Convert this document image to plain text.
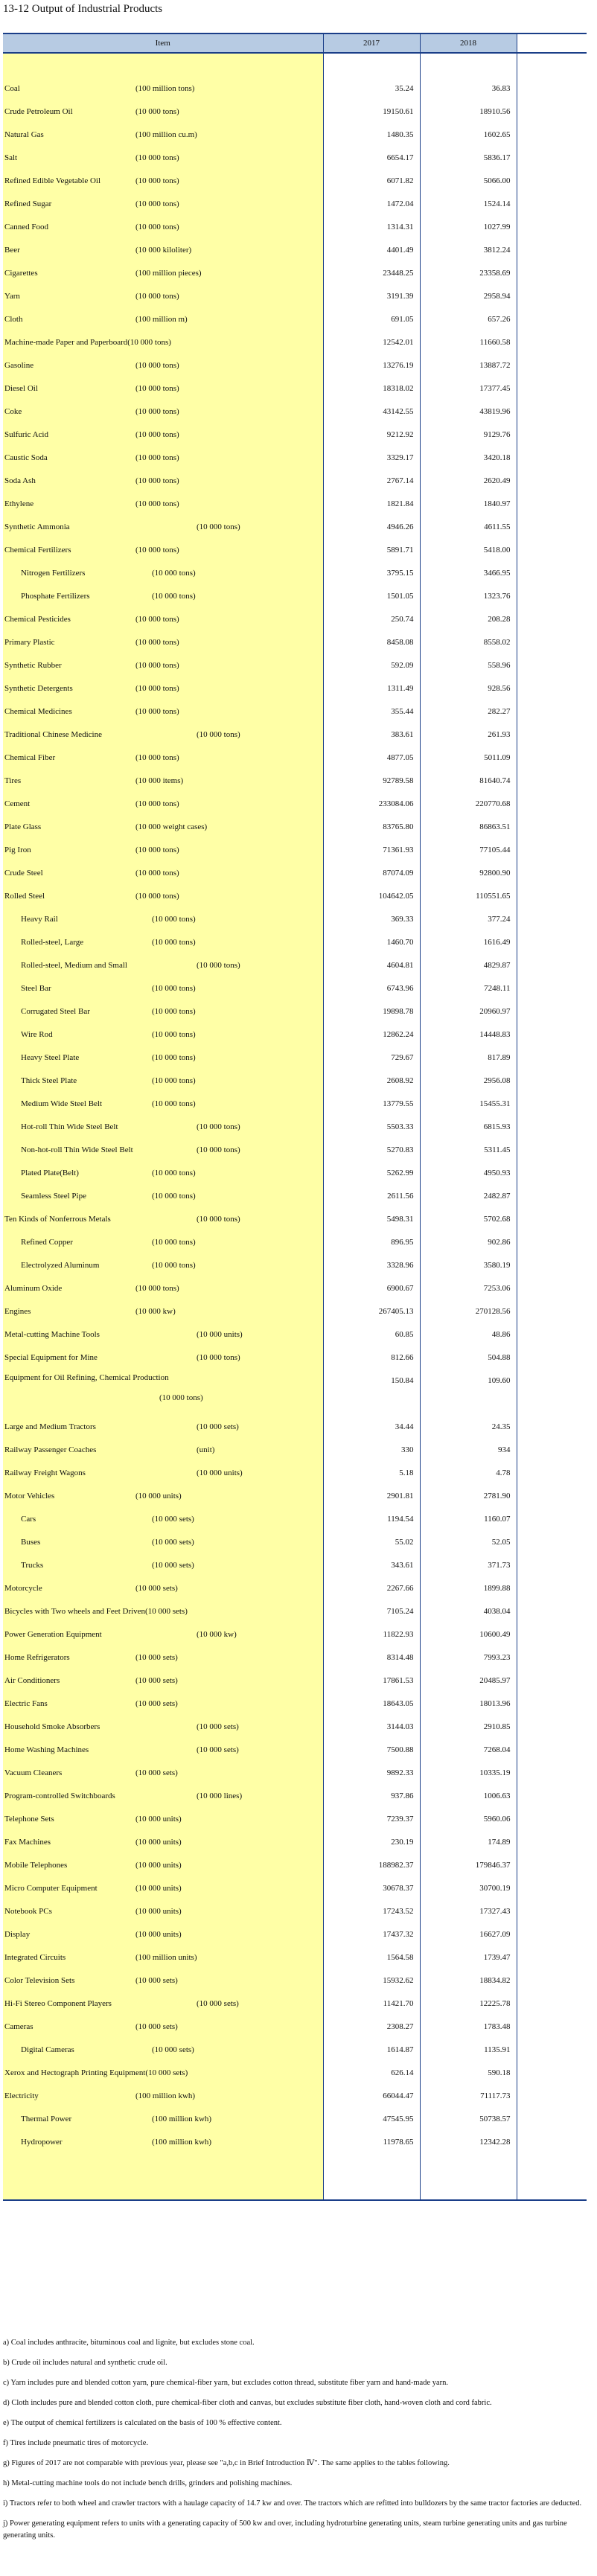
13-12 Output of Industrial Products
Item	2017	2018	

Coal (100 million tons)	35.24	36.83	

Crude Petroleum Oil (10 000 tons)	19150.61	18910.56	

Natural Gas (100 million cu.m)	1480.35	1602.65	

Salt (10 000 tons)	6654.17	5836.17	

Refined Edible Vegetable Oil (10 000 tons)	6071.82	5066.00	

Refined Sugar (10 000 tons)	1472.04	1524.14	

Canned Food (10 000 tons)	1314.31	1027.99	

Beer (10 000 kiloliter)	4401.49	3812.24	

Cigarettes (100 million pieces)	23448.25	23358.69	

Yarn (10 000 tons)	3191.39	2958.94	

Cloth (100 million m)	691.05	657.26	

Machine-made Paper and Paperboard(10 000 tons)	12542.01	11660.58	

Gasoline (10 000 tons)	13276.19	13887.72	

Diesel Oil (10 000 tons)	18318.02	17377.45	

Coke (10 000 tons)	43142.55	43819.96	

Sulfuric Acid (10 000 tons)	9212.92	9129.76	

Caustic Soda (10 000 tons)	3329.17	3420.18	

Soda Ash (10 000 tons)	2767.14	2620.49	

Ethylene (10 000 tons)	1821.84	1840.97	

Synthetic Ammonia (10 000 tons)	4946.26	4611.55	

Chemical Fertilizers (10 000 tons)	5891.71	5418.00	

Nitrogen Fertilizers (10 000 tons)	3795.15	3466.95	

Phosphate Fertilizers (10 000 tons)	1501.05	1323.76	

Chemical Pesticides (10 000 tons)	250.74	208.28	

Primary Plastic (10 000 tons)	8458.08	8558.02	

Synthetic Rubber (10 000 tons)	592.09	558.96	

Synthetic Detergents (10 000 tons)	1311.49	928.56	

Chemical Medicines (10 000 tons)	355.44	282.27	

Traditional Chinese Medicine (10 000 tons)	383.61	261.93	

Chemical Fiber (10 000 tons)	4877.05	5011.09	

Tires (10 000 items)	92789.58	81640.74	

Cement (10 000 tons)	233084.06	220770.68	

Plate Glass (10 000 weight cases)	83765.80	86863.51	

Pig Iron (10 000 tons)	71361.93	77105.44	

Crude Steel (10 000 tons)	87074.09	92800.90	

Rolled Steel (10 000 tons)	104642.05	110551.65	

Heavy Rail (10 000 tons)	369.33	377.24	

Rolled-steel, Large (10 000 tons)	1460.70	1616.49	

Rolled-steel, Medium and Small (10 000 tons)	4604.81	4829.87	

Steel Bar (10 000 tons)	6743.96	7248.11	

Corrugated Steel Bar (10 000 tons)	19898.78	20960.97	

Wire Rod (10 000 tons)	12862.24	14448.83	

Heavy Steel Plate (10 000 tons)	729.67	817.89	

Thick Steel Plate (10 000 tons)	2608.92	2956.08	

Medium Wide Steel Belt (10 000 tons)	13779.55	15455.31	

Hot-roll Thin Wide Steel Belt (10 000 tons)	5503.33	6815.93	

Non-hot-roll Thin Wide Steel Belt (10 000 tons)	5270.83	5311.45	

Plated Plate(Belt) (10 000 tons)	5262.99	4950.93	

Seamless Steel Pipe (10 000 tons)	2611.56	2482.87	

Ten Kinds of Nonferrous Metals (10 000 tons)	5498.31	5702.68	

Refined Copper (10 000 tons)	896.95	902.86	

Electrolyzed Aluminum (10 000 tons)	3328.96	3580.19	

Aluminum Oxide (10 000 tons)	6900.67	7253.06	

Engines (10 000 kw)	267405.13	270128.56	

Metal-cutting Machine Tools (10 000 units)	60.85	48.86	

Special Equipment for Mine (10 000 tons)	812.66	504.88	

Equipment for Oil Refining, Chemical Production	150.84	109.60	

(10 000 tons)			

Large and Medium Tractors (10 000 sets)	34.44	24.35	

Railway Passenger Coaches (unit)	330	934	

Railway Freight Wagons (10 000 units)	5.18	4.78	

Motor Vehicles (10 000 units)	2901.81	2781.90	

Cars (10 000 sets)	1194.54	1160.07	

Buses (10 000 sets)	55.02	52.05	

Trucks (10 000 sets)	343.61	371.73	

Motorcycle (10 000 sets)	2267.66	1899.88	

Bicycles with Two wheels and Feet Driven(10 000 sets)	7105.24	4038.04	

Power Generation Equipment (10 000 kw)	11822.93	10600.49	

Home Refrigerators (10 000 sets)	8314.48	7993.23	

Air Conditioners (10 000 sets)	17861.53	20485.97	

Electric Fans (10 000 sets)	18643.05	18013.96	

Household Smoke Absorbers (10 000 sets)	3144.03	2910.85	

Home Washing Machines (10 000 sets)	7500.88	7268.04	

Vacuum Cleaners (10 000 sets)	9892.33	10335.19	

Program-controlled Switchboards (10 000 lines)	937.86	1006.63	

Telephone Sets (10 000 units)	7239.37	5960.06	

Fax Machines (10 000 units)	230.19	174.89	

Mobile Telephones (10 000 units)	188982.37	179846.37	

Micro Computer Equipment (10 000 units)	30678.37	30700.19	

Notebook PCs (10 000 units)	17243.52	17327.43	

Display (10 000 units)	17437.32	16627.09	

Integrated Circuits (100 million units)	1564.58	1739.47	

Color Television Sets (10 000 sets)	15932.62	18834.82	

Hi-Fi Stereo Component Players (10 000 sets)	11421.70	12225.78	

Cameras (10 000 sets)	2308.27	1783.48	

Digital Cameras (10 000 sets)	1614.87	1135.91	

Xerox and Hectograph Printing Equipment(10 000 sets)	626.14	590.18	

Electricity (100 million kwh)	66044.47	71117.73	

Thermal Power (100 million kwh)	47545.95	50738.57	

Hydropower (100 million kwh)	11978.65	12342.28	

a) Coal includes anthracite, bituminous coal and lignite, but excludes stone coal.

b) Crude oil includes natural and synthetic crude oil.

c) Yarn includes pure and blended cotton yarn, pure chemical-fiber yarn, but excludes cotton thread, substitute fiber yarn and hand-made yarn.

d) Cloth includes pure and blended cotton cloth, pure chemical-fiber cloth and canvas, but excludes substitute fiber cloth, hand-woven cloth and cord fabric.

e) The output of chemical fertilizers is calculated on the basis of 100 % effective content.

f) Tires include pneumatic tires of motorcycle.

g) Figures of 2017 are not comparable with previous year, please see "a,b,c in Brief Introduction Ⅳ". The same applies to the tables following.

h) Metal-cutting machine tools do not include bench drills, grinders and polishing machines.

i) Tractors refer to both wheel and crawler tractors with a haulage capacity of 14.7 kw and over. The tractors which are refitted into bulldozers by the same tractor factories are deducted.

j) Power generating equipment refers to units with a generating capacity of 500 kw and over, including hydroturbine generating units, steam turbine generating units and gas turbine generating units.
